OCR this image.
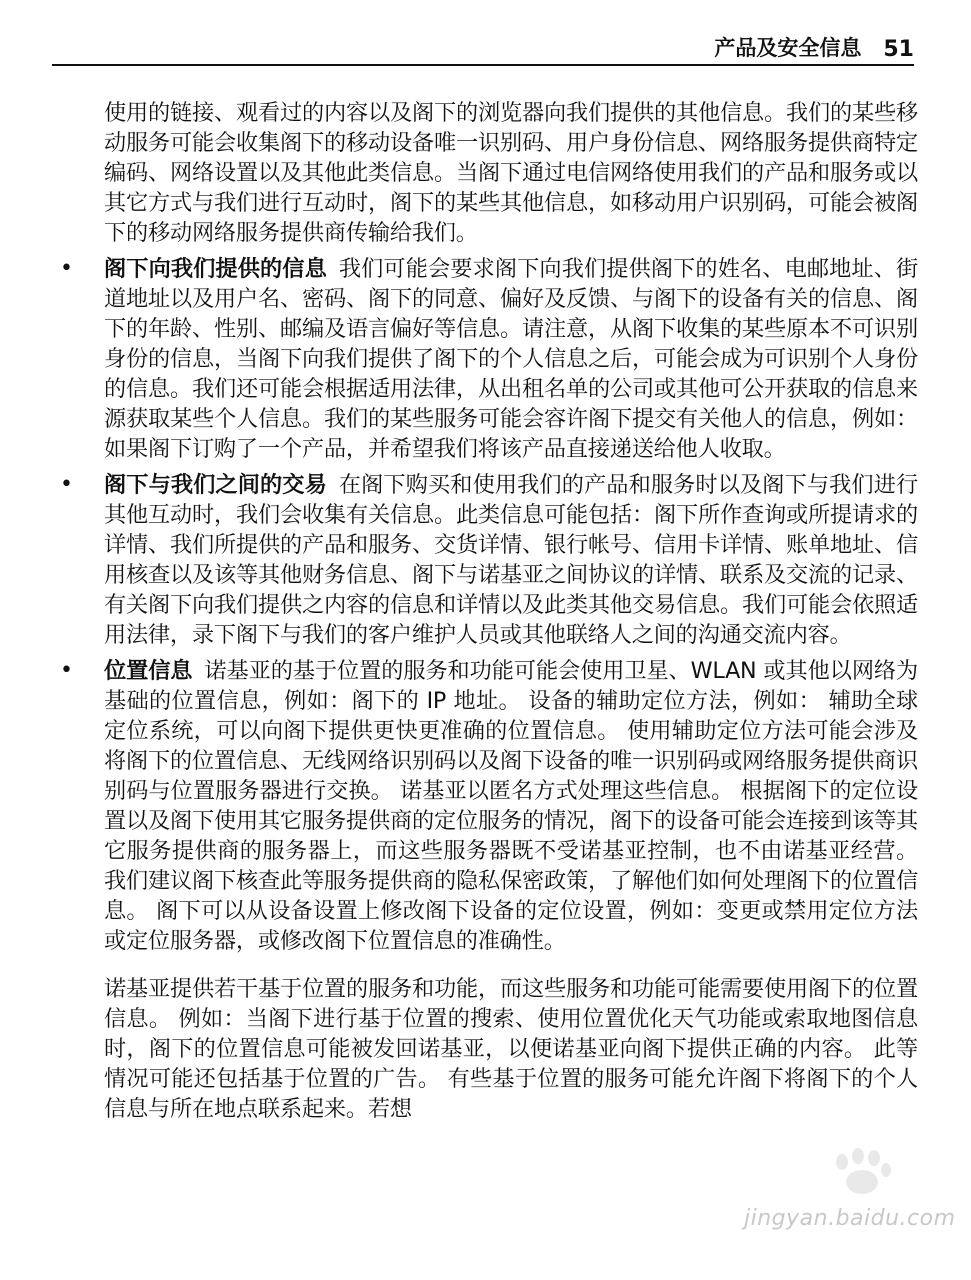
产品及安全信息 51

使用的链接、观看过的内容以及阁下的浏览器向我们提供的其他信息。我们的某些移动服务可能会收集阁下的移动设备唯一识别码、用户身份信息、网络服务提供商特定编码、网络设置以及其他此类信息。当阁下通过电信网络使用我们的产品和服务或以其它方式与我们进行互动时，阁下的某些其他信息，如移动用户识别码，可能会被阁下的移动网络服务提供商传输给我们。

• 阁下向我们提供的信息 我们可能会要求阁下向我们提供阁下的姓名、电邮地址、街道地址以及用户名、密码、阁下的同意、偏好及反馈、与阁下的设备有关的信息、阁下的年龄、性别、邮编及语言偏好等信息。请注意，从阁下收集的某些原本不可识别身份的信息，当阁下向我们提供了阁下的个人信息之后，可能会成为可识别个人身份的信息。我们还可能会根据适用法律，从出租名单的公司或其他可公开获取的信息来源获取某些个人信息。我们的某些服务可能会容许阁下提交有关他人的信息，例如：如果阁下订购了一个产品，并希望我们将该产品直接递送给他人收取。
• 阁下与我们之间的交易 在阁下购买和使用我们的产品和服务时以及阁下与我们进行其他互动时，我们会收集有关信息。此类信息可能包括：阁下所作查询或所提请求的详情、我们所提供的产品和服务、交货详情、银行帐号、信用卡详情、账单地址、信用核查以及该等其他财务信息、阁下与诺基亚之间协议的详情、联系及交流的记录、有关阁下向我们提供之内容的信息和详情以及此类其他交易信息。我们可能会依照适用法律，录下阁下与我们的客户维护人员或其他联络人之间的沟通交流内容。
• 位置信息 诺基亚的基于位置的服务和功能可能会使用卫星、WLAN 或其他以网络为基础的位置信息，例如：阁下的 IP 地址。 设备的辅助定位方法，例如： 辅助全球定位系统，可以向阁下提供更快更准确的位置信息。 使用辅助定位方法可能会涉及将阁下的位置信息、无线网络识别码以及阁下设备的唯一识别码或网络服务提供商识别码与位置服务器进行交换。 诺基亚以匿名方式处理这些信息。 根据阁下的定位设置以及阁下使用其它服务提供商的定位服务的情况，阁下的设备可能会连接到该等其它服务提供商的服务器上，而这些服务器既不受诺基亚控制，也不由诺基亚经营。 我们建议阁下核查此等服务提供商的隐私保密政策，了解他们如何处理阁下的位置信息。 阁下可以从设备设置上修改阁下设备的定位设置，例如：变更或禁用定位方法或定位服务器，或修改阁下位置信息的准确性。

诺基亚提供若干基于位置的服务和功能，而这些服务和功能可能需要使用阁下的位置信息。 例如：当阁下进行基于位置的搜索、使用位置优化天气功能或索取地图信息时，阁下的位置信息可能被发回诺基亚，以便诺基亚向阁下提供正确的内容。 此等情况可能还包括基于位置的广告。 有些基于位置的服务可能允许阁下将阁下的个人信息与所在地点联系起来。若想

jingyan.baidu.com
